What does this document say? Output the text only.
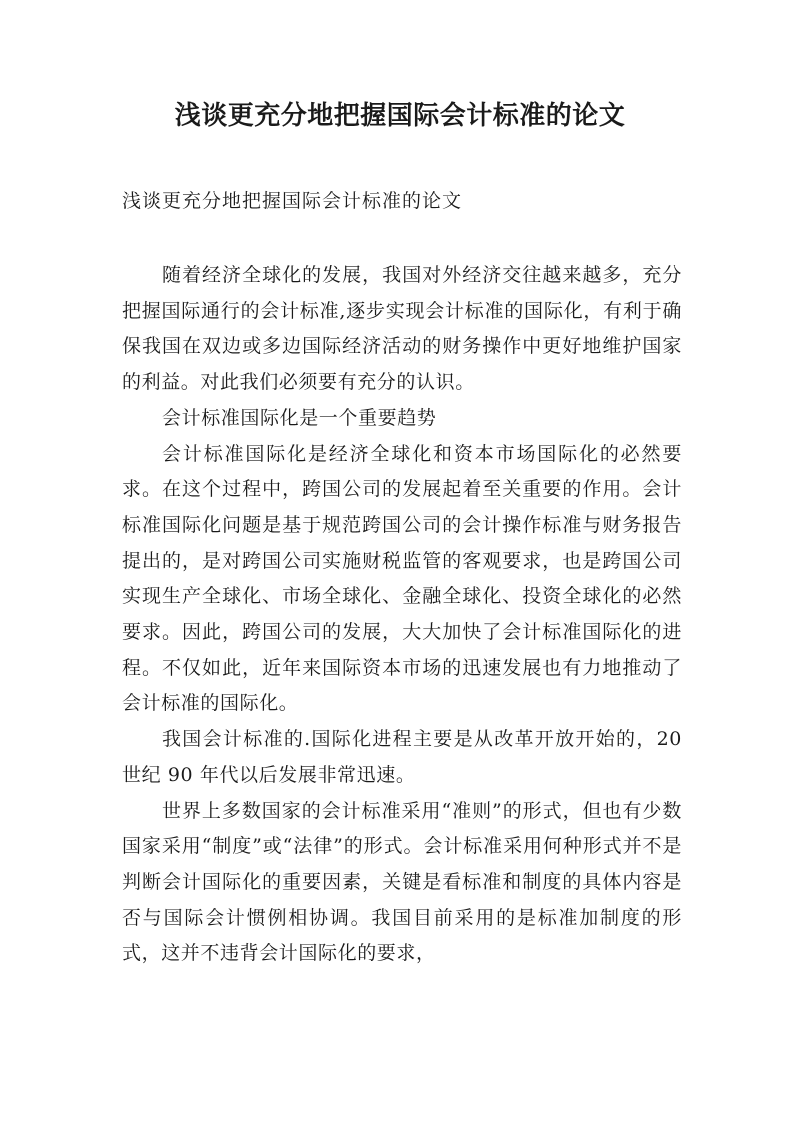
浅谈更充分地把握国际会计标准的论文

浅谈更充分地把握国际会计标准的论文

随着经济全球化的发展，我国对外经济交往越来越多，充分把握国际通行的会计标准,逐步实现会计标准的国际化，有利于确保我国在双边或多边国际经济活动的财务操作中更好地维护国家的利益。对此我们必须要有充分的认识。

会计标准国际化是一个重要趋势

会计标准国际化是经济全球化和资本市场国际化的必然要求。在这个过程中，跨国公司的发展起着至关重要的作用。会计标准国际化问题是基于规范跨国公司的会计操作标准与财务报告提出的，是对跨国公司实施财税监管的客观要求，也是跨国公司实现生产全球化、市场全球化、金融全球化、投资全球化的必然要求。因此，跨国公司的发展，大大加快了会计标准国际化的进程。不仅如此，近年来国际资本市场的迅速发展也有力地推动了会计标准的国际化。

我国会计标准的.国际化进程主要是从改革开放开始的，20 世纪 90 年代以后发展非常迅速。

世界上多数国家的会计标准采用“准则”的形式，但也有少数国家采用“制度”或“法律”的形式。会计标准采用何种形式并不是判断会计国际化的重要因素，关键是看标准和制度的具体内容是否与国际会计惯例相协调。我国目前采用的是标准加制度的形式，这并不违背会计国际化的要求，
